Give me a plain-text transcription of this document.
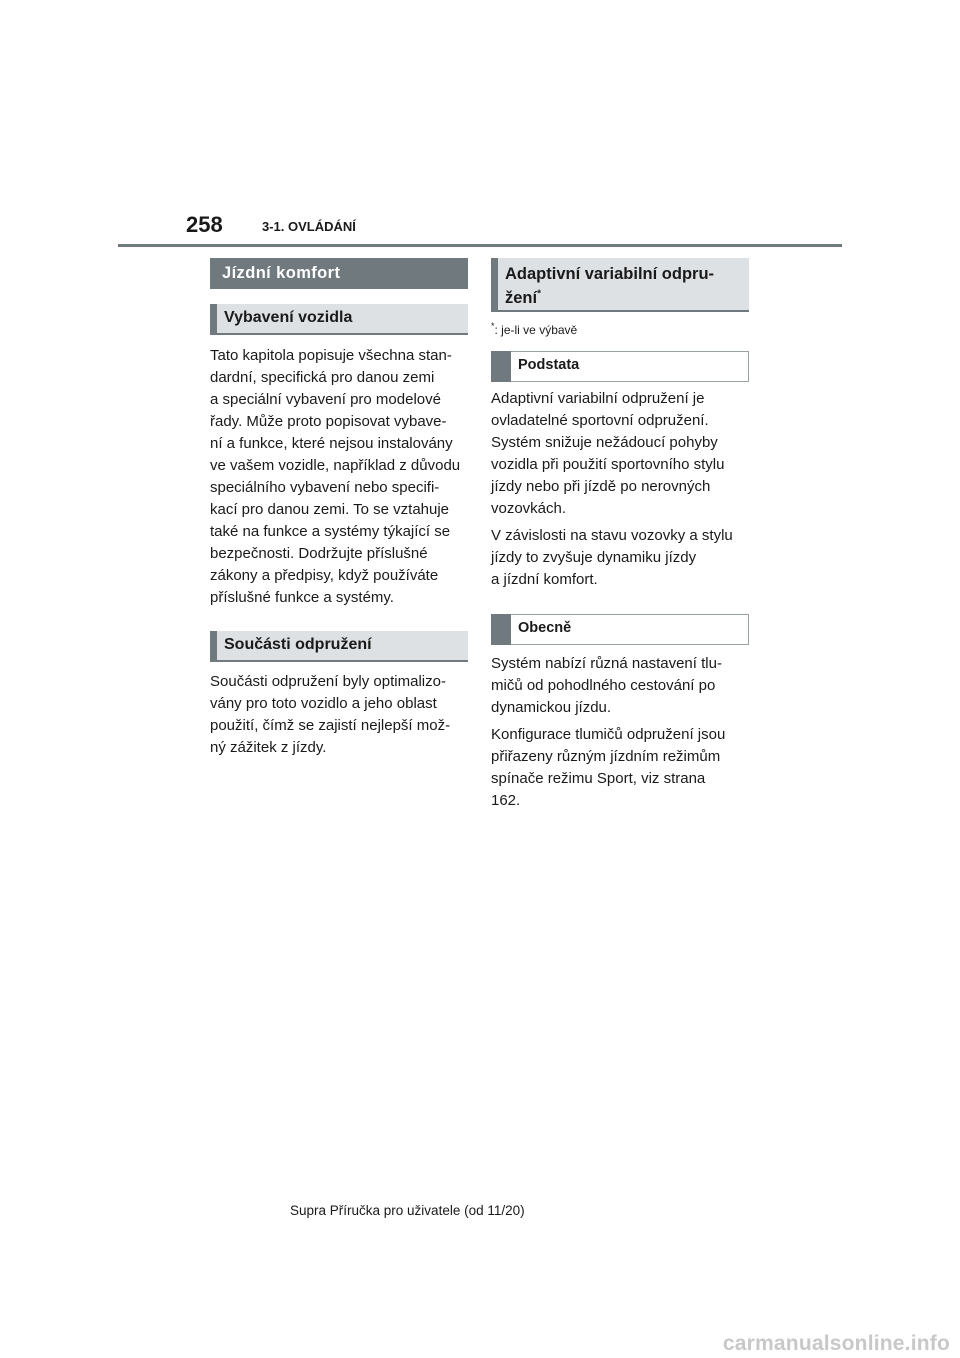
258	3-1. OVLÁDÁNÍ
Jízdní komfort
Vybavení vozidla

Tato kapitola popisuje všechna stan-
dardní, specifická pro danou zemi
a speciální vybavení pro modelové
řady. Může proto popisovat vybave-
ní a funkce, které nejsou instalovány
ve vašem vozidle, například z důvodu
speciálního vybavení nebo specifi-
kací pro danou zemi. To se vztahuje
také na funkce a systémy týkající se
bezpečnosti. Dodržujte příslušné
zákony a předpisy, když používáte
příslušné funkce a systémy.

Součásti odpružení

Součásti odpružení byly optimalizo-
vány pro toto vozidlo a jeho oblast
použití, čímž se zajistí nejlepší mož-
ný zážitek z jízdy.

Adaptivní variabilní odpru-
žení*
*: je-li ve výbavě
Podstata

Adaptivní variabilní odpružení je
ovladatelné sportovní odpružení.
Systém snižuje nežádoucí pohyby
vozidla při použití sportovního stylu
jízdy nebo při jízdě po nerovných
vozovkách.

V závislosti na stavu vozovky a stylu
jízdy to zvyšuje dynamiku jízdy
a jízdní komfort.

Obecně

Systém nabízí různá nastavení tlu-
mičů od pohodlného cestování po
dynamickou jízdu.

Konfigurace tlumičů odpružení jsou
přiřazeny různým jízdním režimům
spínače režimu Sport, viz strana
162.

Supra Příručka pro uživatele (od 11/20)
carmanualsonline.info
